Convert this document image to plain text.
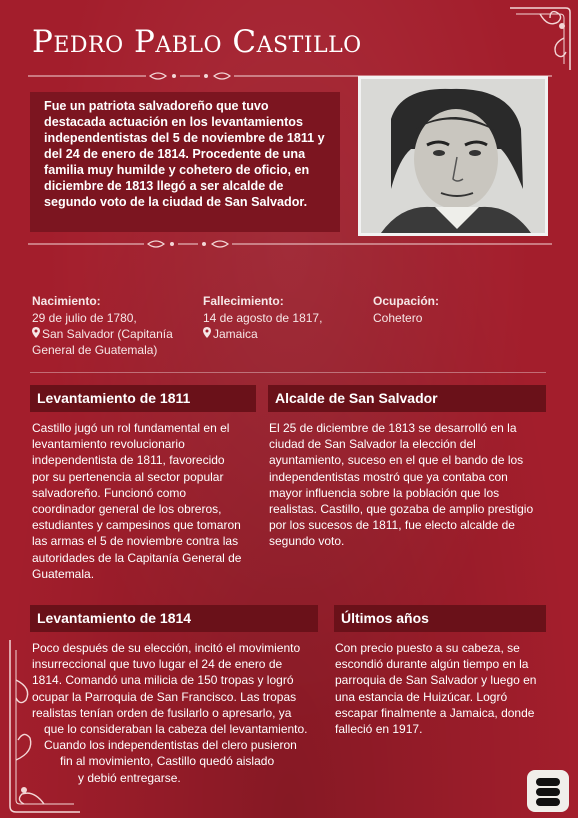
Pedro Pablo Castillo
Fue un patriota salvadoreño que tuvo destacada actuación en los levantamientos independentistas del 5 de noviembre de 1811 y del 24 de enero de 1814. Procedente de una familia muy humilde y cohetero de oficio, en diciembre de 1813 llegó a ser alcalde de segundo voto de la ciudad de San Salvador.
Nacimiento:
29 de julio de 1780,
San Salvador (Capitanía
General de Guatemala)
Fallecimiento:
14 de agosto de 1817,
Jamaica
Ocupación:
Cohetero
Levantamiento de 1811
Castillo jugó un rol fundamental en el
levantamiento revolucionario
independentista de 1811, favorecido
por su pertenencia al sector popular
salvadoreño. Funcionó como
coordinador general de los obreros,
estudiantes y campesinos que tomaron
las armas el 5 de noviembre contra las
autoridades de la Capitanía General de
Guatemala.
Alcalde de San Salvador
El 25 de diciembre de 1813 se desarrolló en la
ciudad de San Salvador la elección del
ayuntamiento, suceso en el que el bando de los
independentistas mostró que ya contaba con
mayor influencia sobre la población que los
realistas. Castillo, que gozaba de amplio prestigio
por los sucesos de 1811, fue electo alcalde de
segundo voto.
Levantamiento de 1814
Poco después de su elección, incitó el movimiento
insurreccional que tuvo lugar el 24 de enero de
1814. Comandó una milicia de 150 tropas y logró
ocupar la Parroquia de San Francisco. Las tropas
realistas tenían orden de fusilarlo o apresarlo, ya
que lo consideraban la cabeza del levantamiento.
Cuando los independentistas del clero pusieron
fin al movimiento, Castillo quedó aislado
y debió entregarse.
Últimos años
Con precio puesto a su cabeza, se
escondió durante algún tiempo en la
parroquia de San Salvador y luego en
una estancia de Huizúcar. Logró
escapar finalmente a Jamaica, donde
falleció en 1917.
